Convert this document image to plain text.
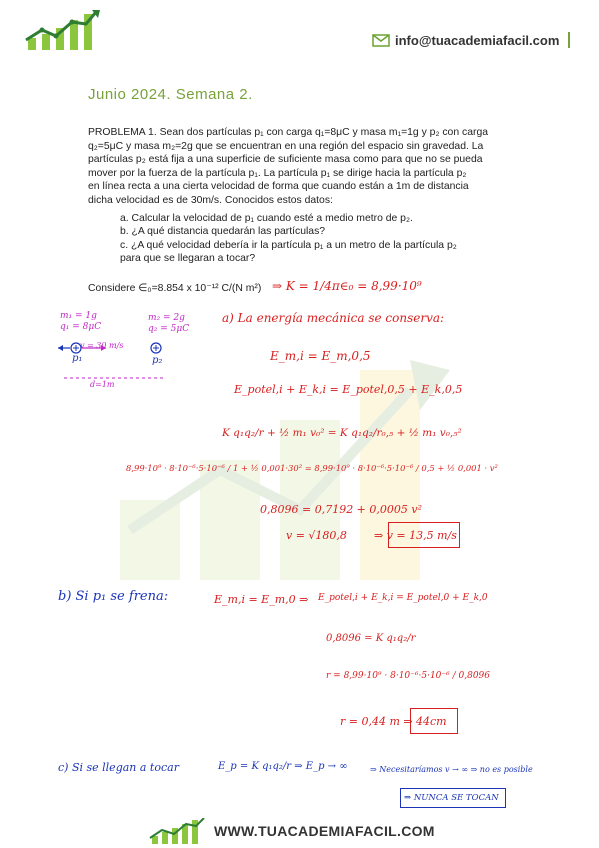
info@tuacademiafacil.com
Junio 2024. Semana 2.

PROBLEMA 1. Sean dos partículas p₁ con carga q₁=8μC y masa m₁=1g y p₂ con carga

q₂=5μC y masa m₂=2g que se encuentran en una región del espacio sin gravedad. La

partículas p₂ está fija a una superficie de suficiente masa como para que no se pueda

mover por la fuerza de la partícula p₁. La partícula p₁ se dirige hacia la partícula p₂

en línea recta a una cierta velocidad de forma que cuando están a 1m de distancia

dicha velocidad es de 30m/s. Conocidos estos datos:

a. Calcular la velocidad de p₁ cuando esté a medio metro de p₂.

b. ¿A qué distancia quedarán las partículas?

c. ¿A qué velocidad debería ir la partícula p₁ a un metro de la partícula p₂

para que se llegaran a tocar?

Considere ∈₀=8.854 x 10⁻¹² C/(N m²) ⇒ K = 1/4π∈₀ = 8,99·10⁹
m₁ = 1g
q₁ = 8μC
m₂ = 2g
q₂ = 5μC
v = 30 m/s
p₁	p₂
d=1m
a) La energía mecánica se conserva:
E_m,i = E_m,0,5
E_potel,i + E_k,i = E_potel,0,5 + E_k,0,5
K q₁q₂/r + ½ m₁ v₀² = K q₁q₂/r₀,₅ + ½ m₁ v₀,₅²
8,99·10⁹ · 8·10⁻⁶·5·10⁻⁶ / 1 + ½ 0,001·30² = 8,99·10⁹ · 8·10⁻⁶·5·10⁻⁶ / 0,5 + ½ 0,001 · v²
0,8096 = 0,7192 + 0,0005 v²
v = √180,8 ⇒ v = 13,5 m/s
b) Si p₁ se frena:	E_m,i = E_m,0 ⇒ E_potel,i + E_k,i = E_potel,0 + E_k,0
0,8096 = K q₁q₂/r
r = 8,99·10⁹ · 8·10⁻⁶·5·10⁻⁶ / 0,8096
r = 0,44 m ⇒ 44cm
c) Si se llegan a tocar	E_p = K q₁q₂/r ⇒ E_p → ∞	⇒ Necesitaríamos v → ∞ ⇒ no es posible
⇒ NUNCA SE TOCAN
WWW.TUACADEMIAFACIL.COM
